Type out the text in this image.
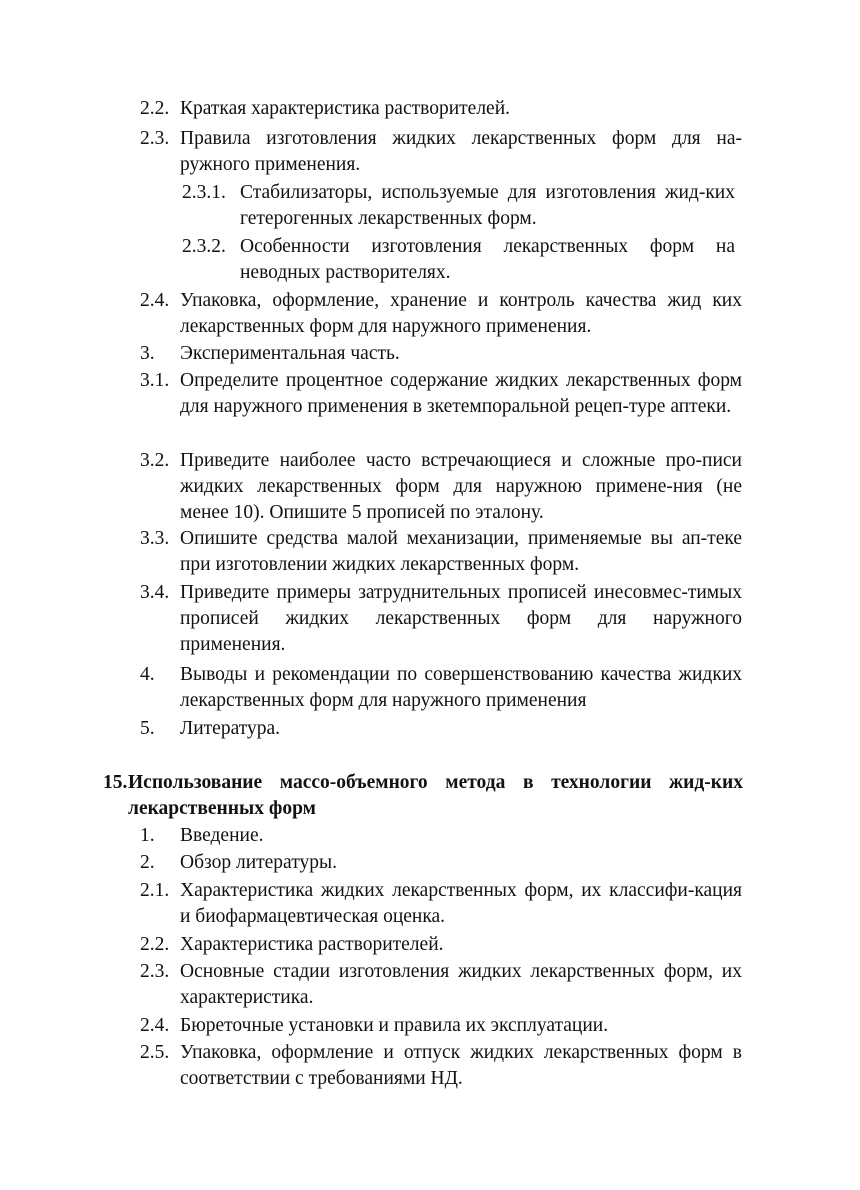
2.2. Краткая характеристика растворителей.
2.3. Правила изготовления жидких лекарственных форм для на-ружного применения.
2.3.1. Стабилизаторы, используемые для изготовления жид-ких гетерогенных лекарственных форм.
2.3.2. Особенности изготовления лекарственных форм на неводных растворителях.
2.4. Упаковка, оформление, хранение и контроль качества жид ких лекарственных форм для наружного применения.
3. Экспериментальная часть.
3.1. Определите процентное содержание жидких лекарственных форм для наружного применения в зкетемпоральной рецеп-туре аптеки.
3.2. Приведите наиболее часто встречающиеся и сложные про-писи жидких лекарственных форм для наружною примене-ния (не менее 10). Опишите 5 прописей по эталону.
3.3. Опишите средства малой механизации, применяемые вы ап-теке при изготовлении жидких лекарственных форм.
3.4. Приведите примеры затруднительных прописей инесовмес-тимых прописей жидких лекарственных форм для наружного применения.
4. Выводы и рекомендации по совершенствованию качества жидких лекарственных форм для наружного применения
5. Литература.
15. Использование массо-объемного метода в технологии жид-ких лекарственных форм
1. Введение.
2. Обзор литературы.
2.1. Характеристика жидких лекарственных форм, их классифи-кация и биофармацевтическая оценка.
2.2. Характеристика растворителей.
2.3. Основные стадии изготовления жидких лекарственных форм, их характеристика.
2.4. Бюреточные установки и правила их эксплуатации.
2.5. Упаковка, оформление и отпуск жидких лекарственных форм в соответствии с требованиями НД.
